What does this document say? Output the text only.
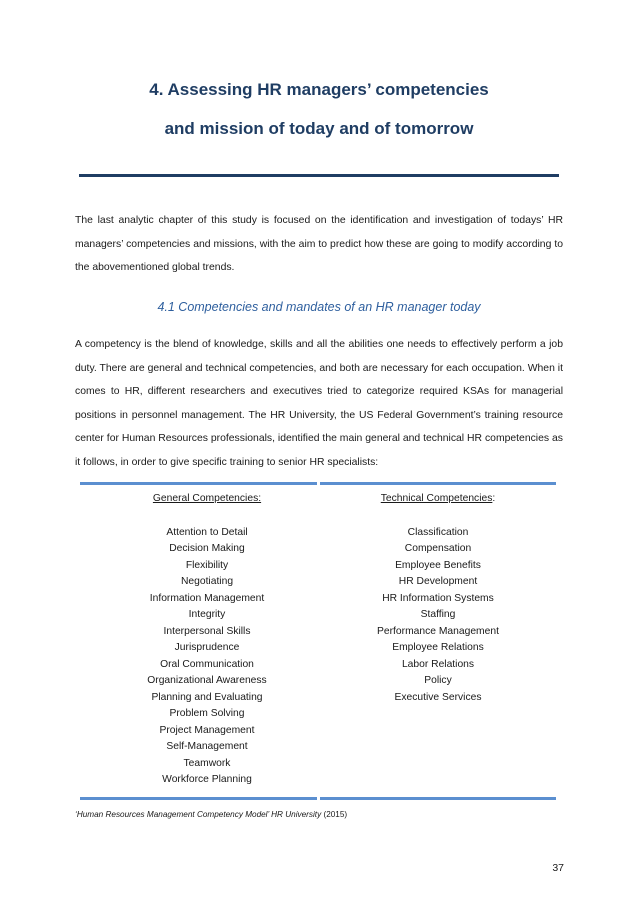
4. Assessing HR managers’ competencies
and mission of today and of tomorrow
The last analytic chapter of this study is focused on the identification and investigation of todays’ HR managers’ competencies and missions, with the aim to predict how these are going to modify according to the abovementioned global trends.
4.1 Competencies and mandates of an HR manager today
A competency is the blend of knowledge, skills and all the abilities one needs to effectively perform a job duty. There are general and technical competencies, and both are necessary for each occupation. When it comes to HR, different researchers and executives tried to categorize required KSAs for managerial positions in personnel management. The HR University, the US Federal Government’s training resource center for Human Resources professionals, identified the main general and technical HR competencies as it follows, in order to give specific training to senior HR specialists:
General Competencies:
Attention to Detail
Decision Making
Flexibility
Negotiating
Information Management
Integrity
Interpersonal Skills
Jurisprudence
Oral Communication
Organizational Awareness
Planning and Evaluating
Problem Solving
Project Management
Self-Management
Teamwork
Workforce Planning
Technical Competencies:
Classification
Compensation
Employee Benefits
HR Development
HR Information Systems
Staffing
Performance Management
Employee Relations
Labor Relations
Policy
Executive Services
‘Human Resources Management Competency Model’ HR University (2015)
37
